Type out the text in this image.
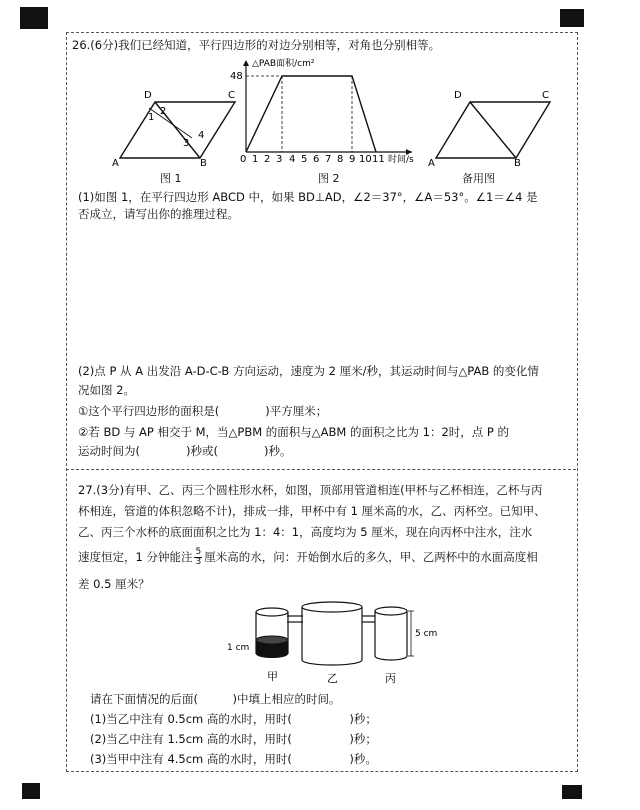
26.(6分)我们已经知道，平行四边形的对边分别相等，对角也分别相等。
A	B
C
D
1
2
3
4
图 1
△PAB面积/cm²
48
0 1 2 3 4 5 6 7 8 9 10 11 时间/s
图 2
A	B
C
D
备用图
(1)如图 1，在平行四边形 ABCD 中，如果 BD⊥AD，∠2＝37°，∠A＝53°。∠1＝∠4 是
否成立，请写出你的推理过程。
(2)点 P 从 A 出发沿 A-D-C-B 方向运动，速度为 2 厘米/秒，其运动时间与△PAB 的变化情
况如图 2。
①这个平行四边形的面积是(　　　　)平方厘米；
②若 BD 与 AP 相交于 M，当△PBM 的面积与△ABM 的面积之比为 1：2时，点 P 的
运动时间为(　　　　)秒或(　　　　)秒。
27.(3分)有甲、乙、丙三个圆柱形水杯，如图，顶部用管道相连(甲杯与乙杯相连，乙杯与丙
杯相连，管道的体积忽略不计)，排成一排，甲杯中有 1 厘米高的水，乙、丙杯空。已知甲、
乙、丙三个水杯的底面面积之比为 1：4：1，高度均为 5 厘米，现在向丙杯中注水，注水
速度恒定，1 分钟能注 $\frac{5}{3}$ 厘米高的水，问：开始倒水后的多久，甲、乙两杯中的水面高度相
差 0.5 厘米？
1 cm
5 cm
甲	乙	丙
请在下面情况的后面(　　　)中填上相应的时间。
(1)当乙中注有 0.5cm 高的水时，用时(　　　　　)秒；
(2)当乙中注有 1.5cm 高的水时，用时(　　　　　)秒；
(3)当甲中注有 4.5cm 高的水时，用时(　　　　　)秒。
